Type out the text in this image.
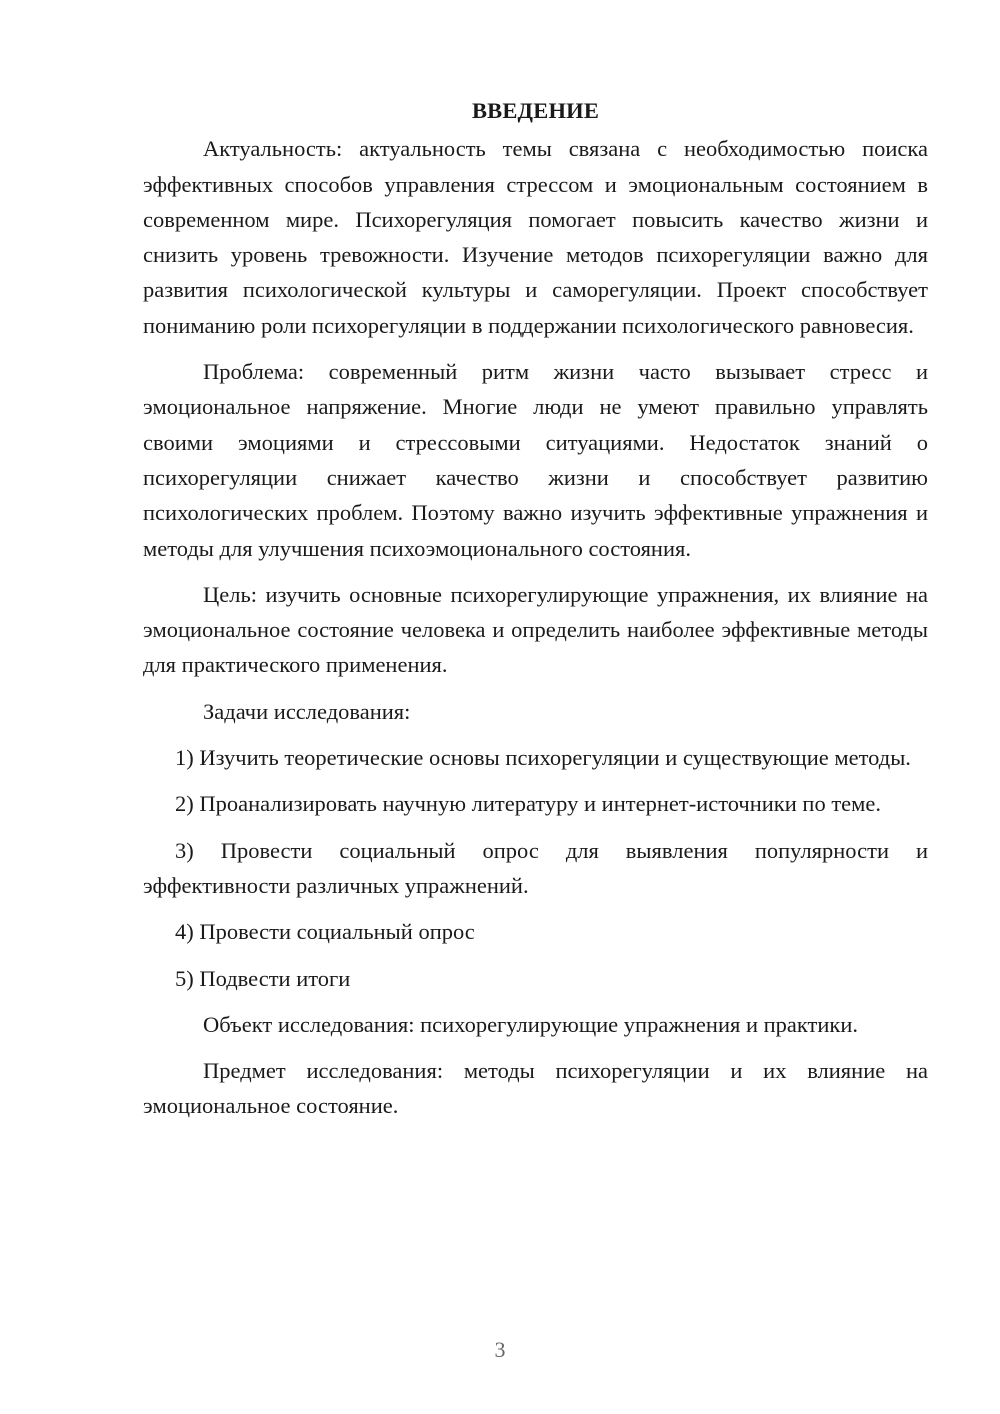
ВВЕДЕНИЕ

Актуальность: актуальность темы связана с необходимостью поиска эффективных способов управления стрессом и эмоциональным состоянием в современном мире. Психорегуляция помогает повысить качество жизни и снизить уровень тревожности. Изучение методов психорегуляции важно для развития психологической культуры и саморегуляции. Проект способствует пониманию роли психорегуляции в поддержании психологического равновесия.

Проблема: современный ритм жизни часто вызывает стресс и эмоциональное напряжение. Многие люди не умеют правильно управлять своими эмоциями и стрессовыми ситуациями. Недостаток знаний о психорегуляции снижает качество жизни и способствует развитию психологических проблем. Поэтому важно изучить эффективные упражнения и методы для улучшения психоэмоционального состояния.

Цель: изучить основные психорегулирующие упражнения, их влияние на эмоциональное состояние человека и определить наиболее эффективные методы для практического применения.

Задачи исследования:

1) Изучить теоретические основы психорегуляции и существующие методы.

2) Проанализировать научную литературу и интернет-источники по теме.

3) Провести социальный опрос для выявления популярности и эффективности различных упражнений.

4) Провести социальный опрос

5) Подвести итоги

Объект исследования: психорегулирующие упражнения и практики.

Предмет исследования: методы психорегуляции и их влияние на эмоциональное состояние.

3
